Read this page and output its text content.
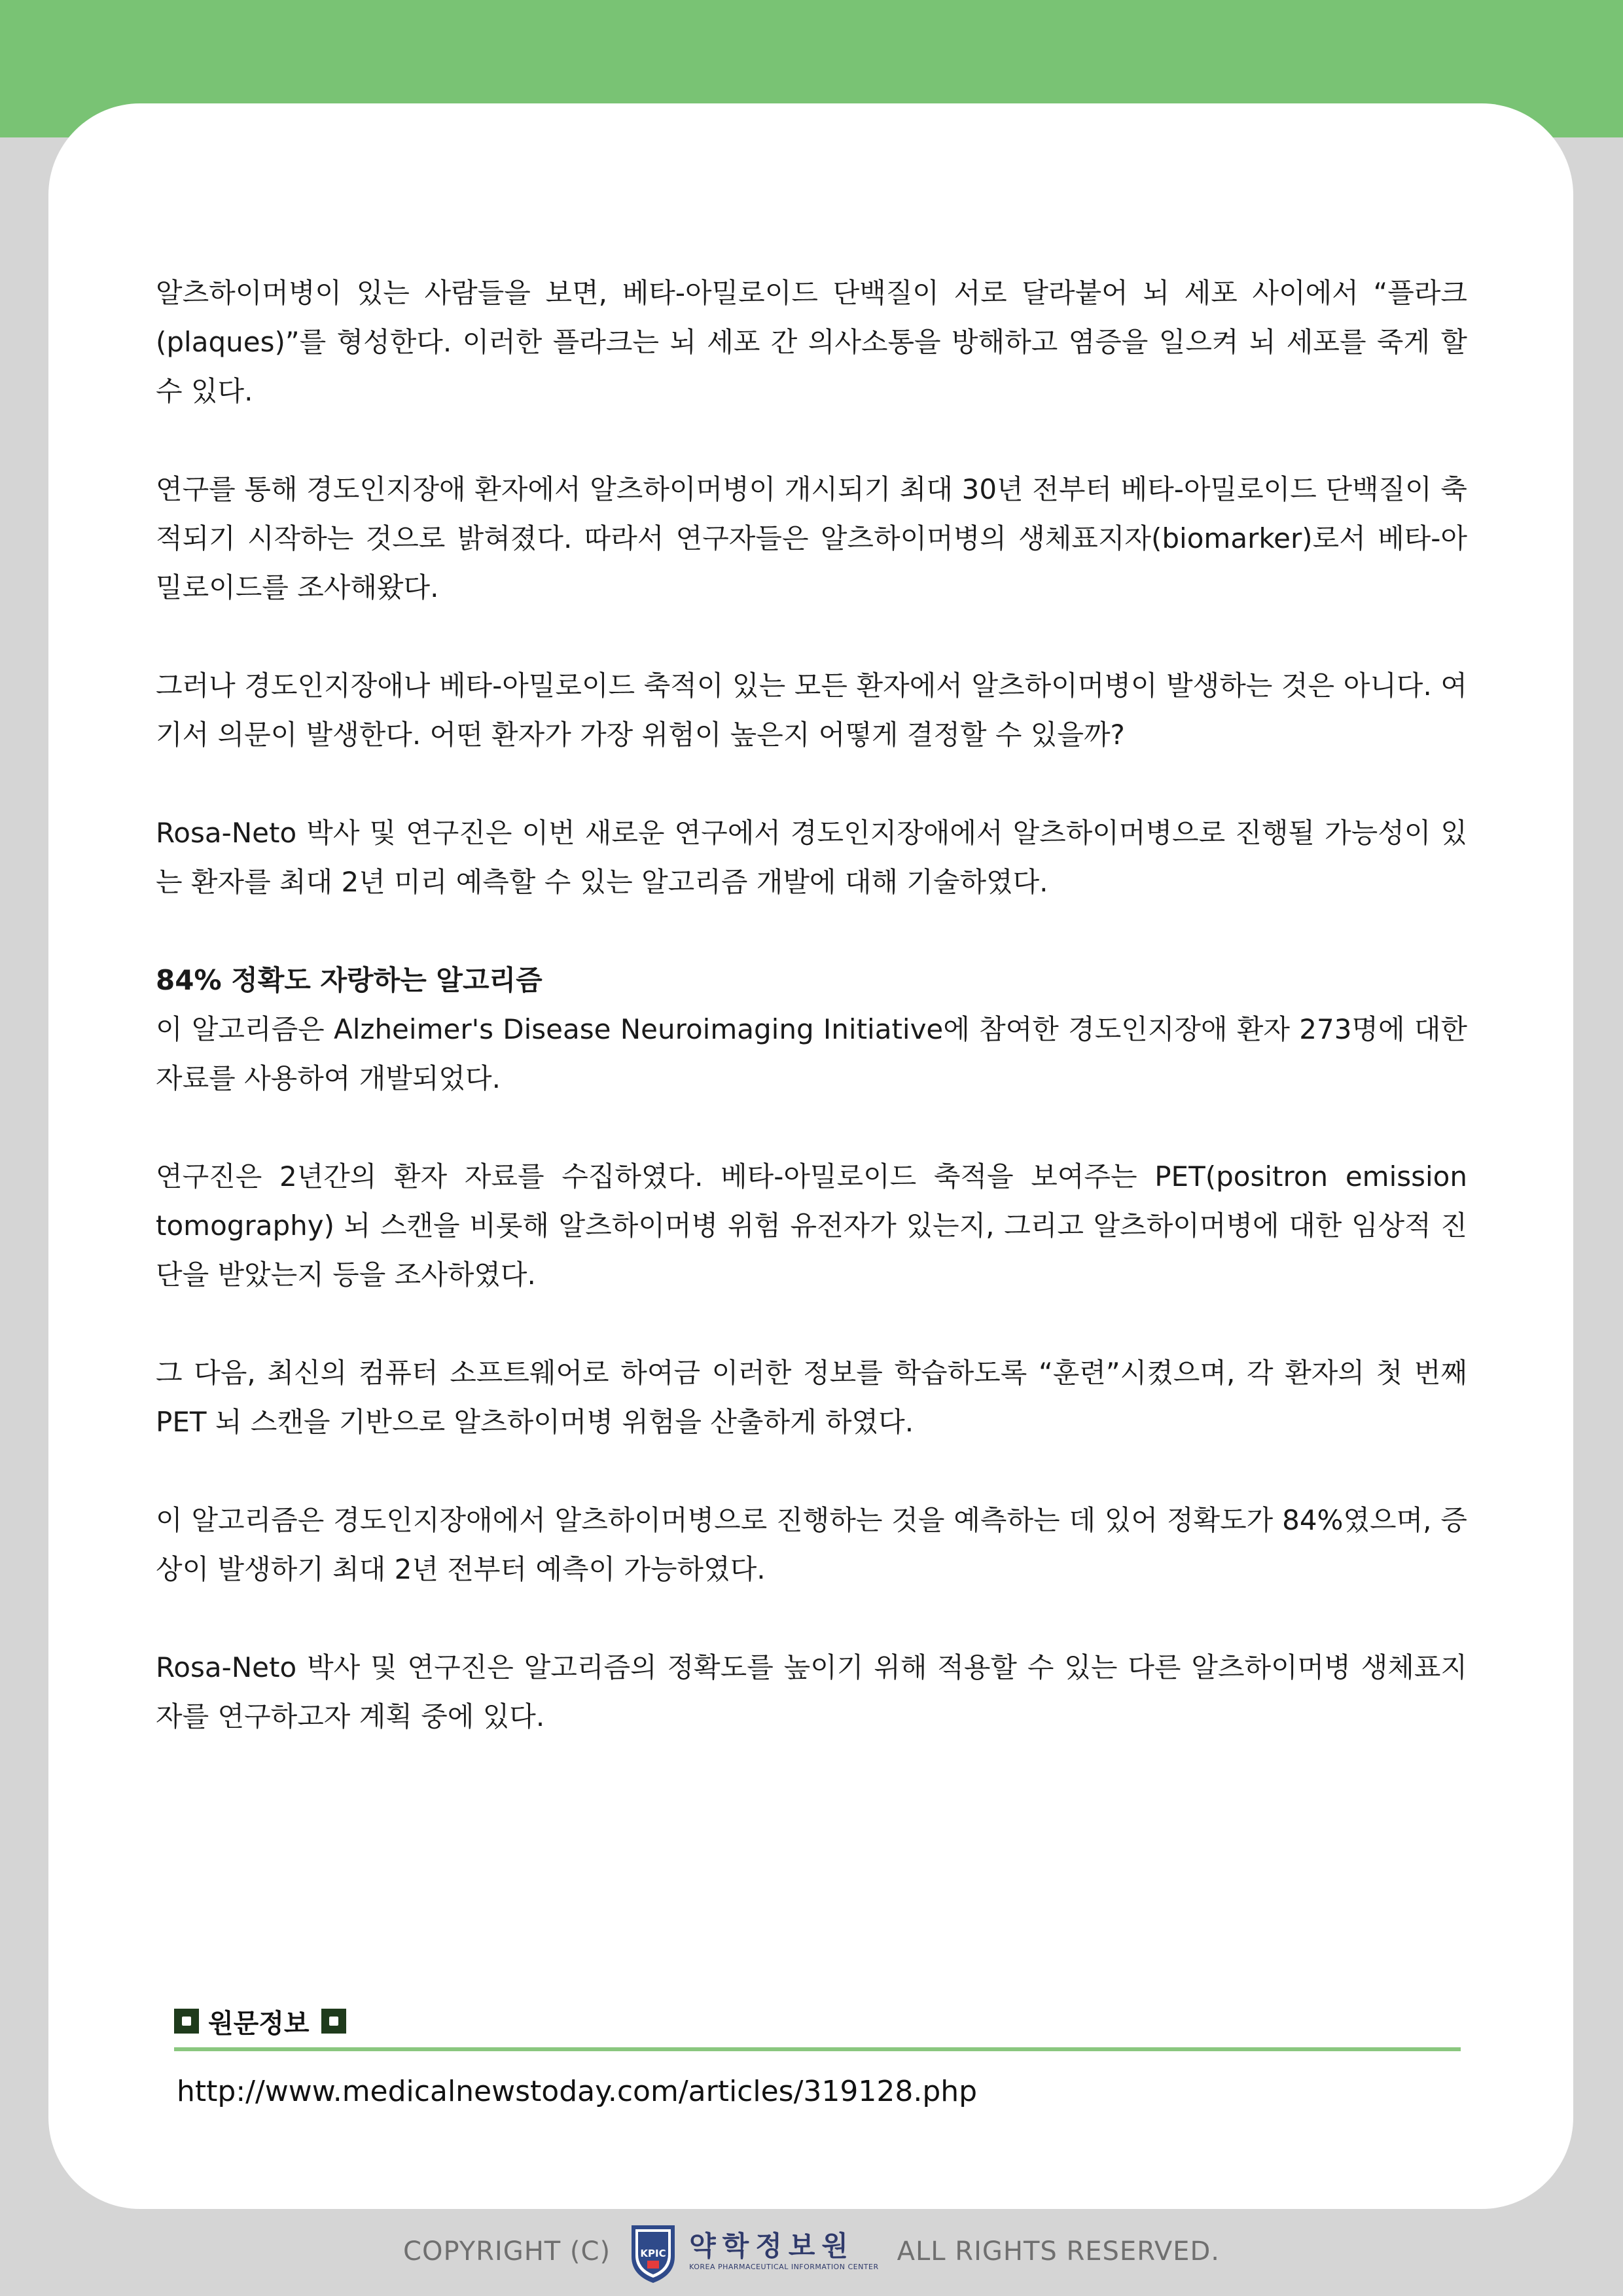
알츠하이머병이 있는 사람들을 보면, 베타-아밀로이드 단백질이 서로 달라붙어 뇌 세포 사이에서 “플라크(plaques)”를 형성한다. 이러한 플라크는 뇌 세포 간 의사소통을 방해하고 염증을 일으켜 뇌 세포를 죽게 할 수 있다.

연구를 통해 경도인지장애 환자에서 알츠하이머병이 개시되기 최대 30년 전부터 베타-아밀로이드 단백질이 축적되기 시작하는 것으로 밝혀졌다. 따라서 연구자들은 알츠하이머병의 생체표지자(biomarker)로서 베타-아밀로이드를 조사해왔다.

그러나 경도인지장애나 베타-아밀로이드 축적이 있는 모든 환자에서 알츠하이머병이 발생하는 것은 아니다. 여기서 의문이 발생한다. 어떤 환자가 가장 위험이 높은지 어떻게 결정할 수 있을까?

Rosa-Neto 박사 및 연구진은 이번 새로운 연구에서 경도인지장애에서 알츠하이머병으로 진행될 가능성이 있는 환자를 최대 2년 미리 예측할 수 있는 알고리즘 개발에 대해 기술하였다.

84% 정확도 자랑하는 알고리즘

이 알고리즘은 Alzheimer's Disease Neuroimaging Initiative에 참여한 경도인지장애 환자 273명에 대한 자료를 사용하여 개발되었다.

연구진은 2년간의 환자 자료를 수집하였다. 베타-아밀로이드 축적을 보여주는 PET(positron emission tomography) 뇌 스캔을 비롯해 알츠하이머병 위험 유전자가 있는지, 그리고 알츠하이머병에 대한 임상적 진단을 받았는지 등을 조사하였다.

그 다음, 최신의 컴퓨터 소프트웨어로 하여금 이러한 정보를 학습하도록 “훈련”시켰으며, 각 환자의 첫 번째 PET 뇌 스캔을 기반으로 알츠하이머병 위험을 산출하게 하였다.

이 알고리즘은 경도인지장애에서 알츠하이머병으로 진행하는 것을 예측하는 데 있어 정확도가 84%였으며, 증상이 발생하기 최대 2년 전부터 예측이 가능하였다.

Rosa-Neto 박사 및 연구진은 알고리즘의 정확도를 높이기 위해 적용할 수 있는 다른 알츠하이머병 생체표지자를 연구하고자 계획 중에 있다.

원문정보
http://www.medicalnewstoday.com/articles/319128.php
COPYRIGHT (C)	KPIC 약학정보원
KOREA PHARMACEUTICAL INFORMATION CENTER
ALL RIGHTS RESERVED.
